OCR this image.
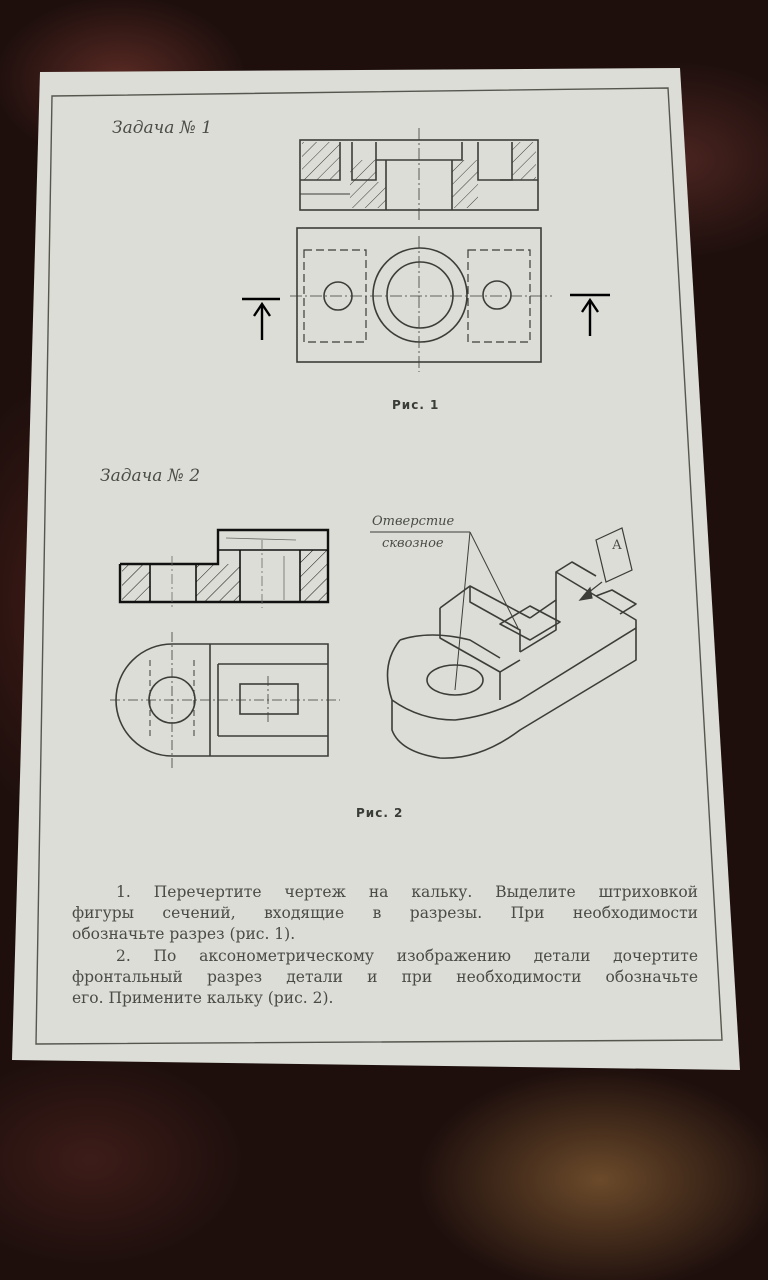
Задача № 1
Рис. 1
Задача № 2
Отверстие
сквозное	А
Рис. 2
1. Перечертите чертеж на кальку. Выделите штриховкой
фигуры сечений, входящие в разрезы. При необходимости
обозначьте разрез (рис. 1).
2. По аксонометрическому изображению детали дочертите
фронтальный разрез детали и при необходимости обозначьте
его. Примените кальку (рис. 2).
